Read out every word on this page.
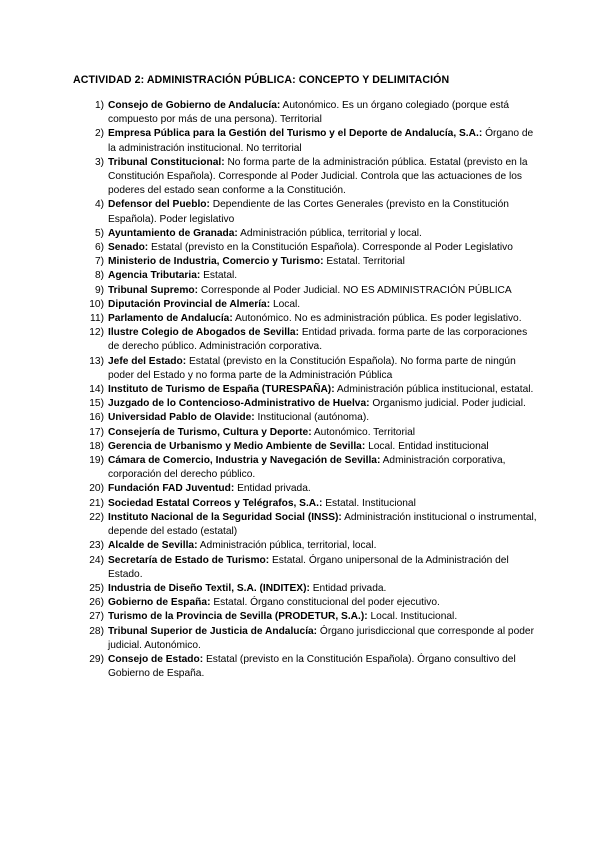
ACTIVIDAD 2: ADMINISTRACIÓN PÚBLICA: CONCEPTO Y DELIMITACIÓN
1) Consejo de Gobierno de Andalucía: Autonómico. Es un órgano colegiado (porque está compuesto por más de una persona). Territorial
2) Empresa Pública para la Gestión del Turismo y el Deporte de Andalucía, S.A.: Órgano de la administración institucional. No territorial
3) Tribunal Constitucional: No forma parte de la administración pública. Estatal (previsto en la Constitución Española). Corresponde al Poder Judicial. Controla que las actuaciones de los poderes del estado sean conforme a la Constitución.
4) Defensor del Pueblo: Dependiente de las Cortes Generales (previsto en la Constitución Española). Poder legislativo
5) Ayuntamiento de Granada: Administración pública, territorial y local.
6) Senado: Estatal (previsto en la Constitución Española). Corresponde al Poder Legislativo
7) Ministerio de Industria, Comercio y Turismo: Estatal. Territorial
8) Agencia Tributaria: Estatal.
9) Tribunal Supremo: Corresponde al Poder Judicial. NO ES ADMINISTRACIÓN PÚBLICA
10) Diputación Provincial de Almería: Local.
11) Parlamento de Andalucía: Autonómico. No es administración pública. Es poder legislativo.
12) Ilustre Colegio de Abogados de Sevilla: Entidad privada. forma parte de las corporaciones de derecho público. Administración corporativa.
13) Jefe del Estado: Estatal (previsto en la Constitución Española). No forma parte de ningún poder del Estado y no forma parte de la Administración Pública
14) Instituto de Turismo de España (TURESPAÑA): Administración pública institucional, estatal.
15) Juzgado de lo Contencioso-Administrativo de Huelva: Organismo judicial. Poder judicial.
16) Universidad Pablo de Olavide: Institucional (autónoma).
17) Consejería de Turismo, Cultura y Deporte: Autonómico. Territorial
18) Gerencia de Urbanismo y Medio Ambiente de Sevilla: Local. Entidad institucional
19) Cámara de Comercio, Industria y Navegación de Sevilla: Administración corporativa, corporación del derecho público.
20) Fundación FAD Juventud: Entidad privada.
21) Sociedad Estatal Correos y Telégrafos, S.A.: Estatal. Institucional
22) Instituto Nacional de la Seguridad Social (INSS): Administración institucional o instrumental, depende del estado (estatal)
23) Alcalde de Sevilla: Administración pública, territorial, local.
24) Secretaría de Estado de Turismo: Estatal. Órgano unipersonal de la Administración del Estado.
25) Industria de Diseño Textil, S.A. (INDITEX): Entidad privada.
26) Gobierno de España: Estatal. Órgano constitucional del poder ejecutivo.
27) Turismo de la Provincia de Sevilla (PRODETUR, S.A.): Local. Institucional.
28) Tribunal Superior de Justicia de Andalucía: Órgano jurisdiccional que corresponde al poder judicial. Autonómico.
29) Consejo de Estado: Estatal (previsto en la Constitución Española). Órgano consultivo del Gobierno de España.
